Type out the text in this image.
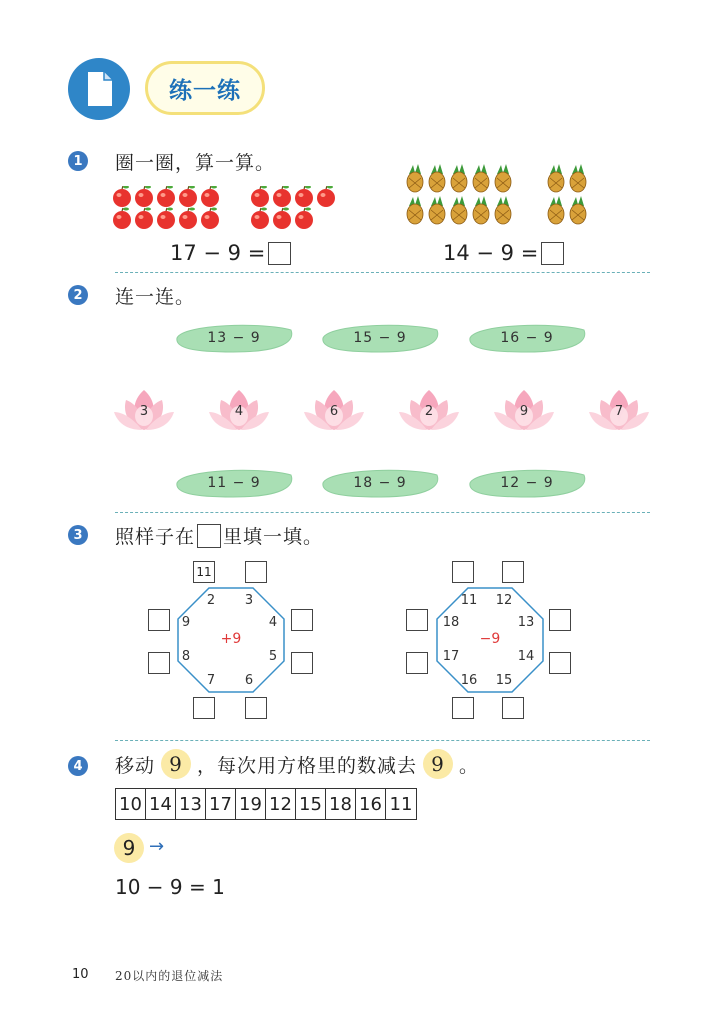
练一练
1 圈一圈，算一算。
17 − 9 =	14 − 9 =
2 连一连。
13 − 9	15 − 9	16 − 9
3	4	6	2	9	7
11 − 9	18 − 9	12 − 9
3 照样子在 里填一填。
11
2	3
4
5
6
7
8
9
+9
11 12
13
14
15
16
17
18
−9
4 移动 9 ，每次用方格里的数减去 9 。
10 14 13 17 19 12 15 18 16 11
9 →
10 − 9 = 1
10 20以内的退位减法
